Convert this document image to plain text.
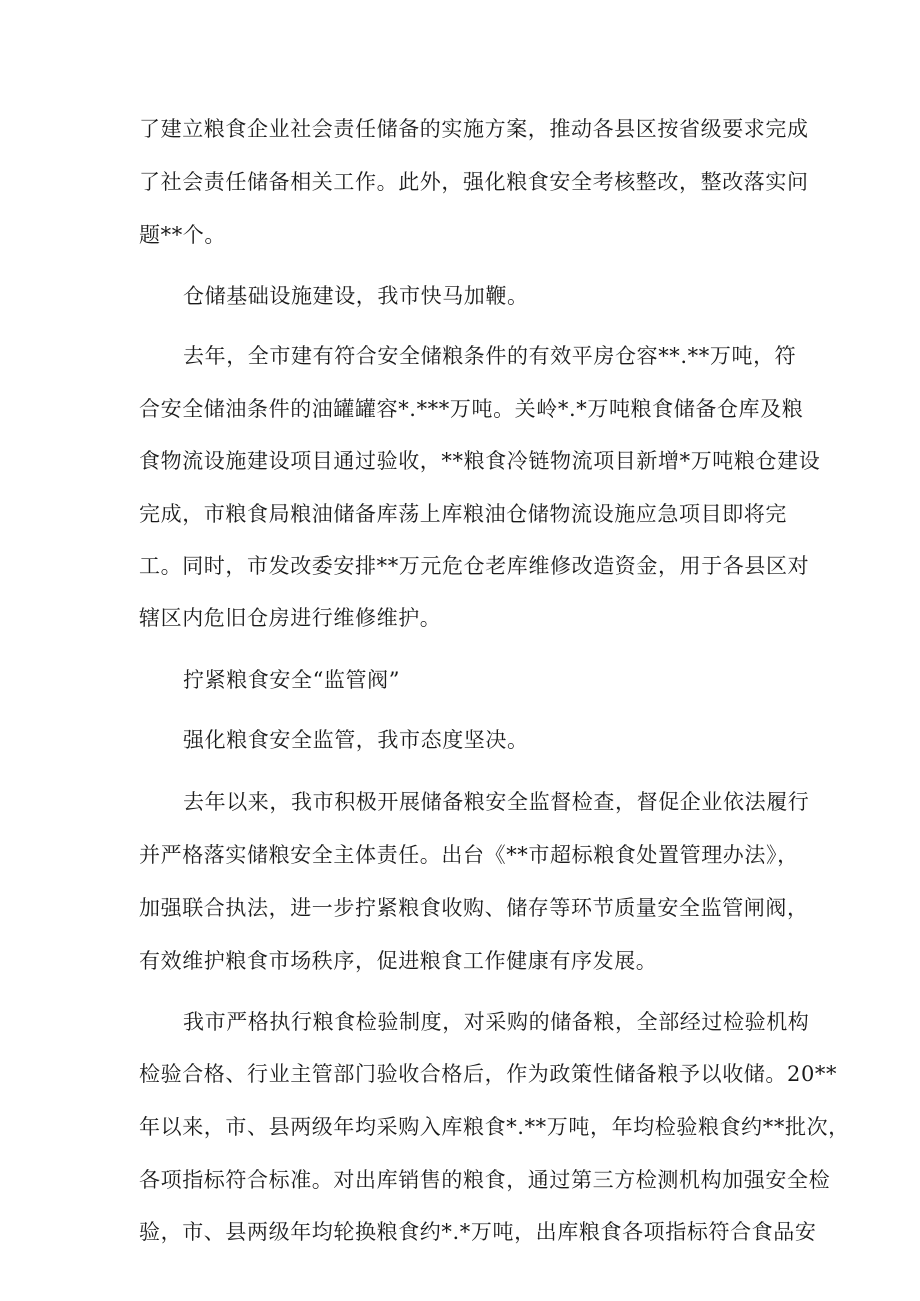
了建立粮食企业社会责任储备的实施方案，推动各县区按省级要求完成
了社会责任储备相关工作。此外，强化粮食安全考核整改，整改落实问
题**个。
仓储基础设施建设，我市快马加鞭。
去年，全市建有符合安全储粮条件的有效平房仓容**.**万吨，符
合安全储油条件的油罐罐容*.***万吨。关岭*.*万吨粮食储备仓库及粮
食物流设施建设项目通过验收，**粮食冷链物流项目新增*万吨粮仓建设
完成，市粮食局粮油储备库荡上库粮油仓储物流设施应急项目即将完
工。同时，市发改委安排**万元危仓老库维修改造资金，用于各县区对
辖区内危旧仓房进行维修维护。
拧紧粮食安全“监管阀”
强化粮食安全监管，我市态度坚决。
去年以来，我市积极开展储备粮安全监督检查，督促企业依法履行
并严格落实储粮安全主体责任。出台《**市超标粮食处置管理办法》，
加强联合执法，进一步拧紧粮食收购、储存等环节质量安全监管闸阀，
有效维护粮食市场秩序，促进粮食工作健康有序发展。
我市严格执行粮食检验制度，对采购的储备粮，全部经过检验机构
检验合格、行业主管部门验收合格后，作为政策性储备粮予以收储。20**
年以来，市、县两级年均采购入库粮食*.**万吨，年均检验粮食约**批次，
各项指标符合标准。对出库销售的粮食，通过第三方检测机构加强安全检
验，市、县两级年均轮换粮食约*.*万吨，出库粮食各项指标符合食品安
